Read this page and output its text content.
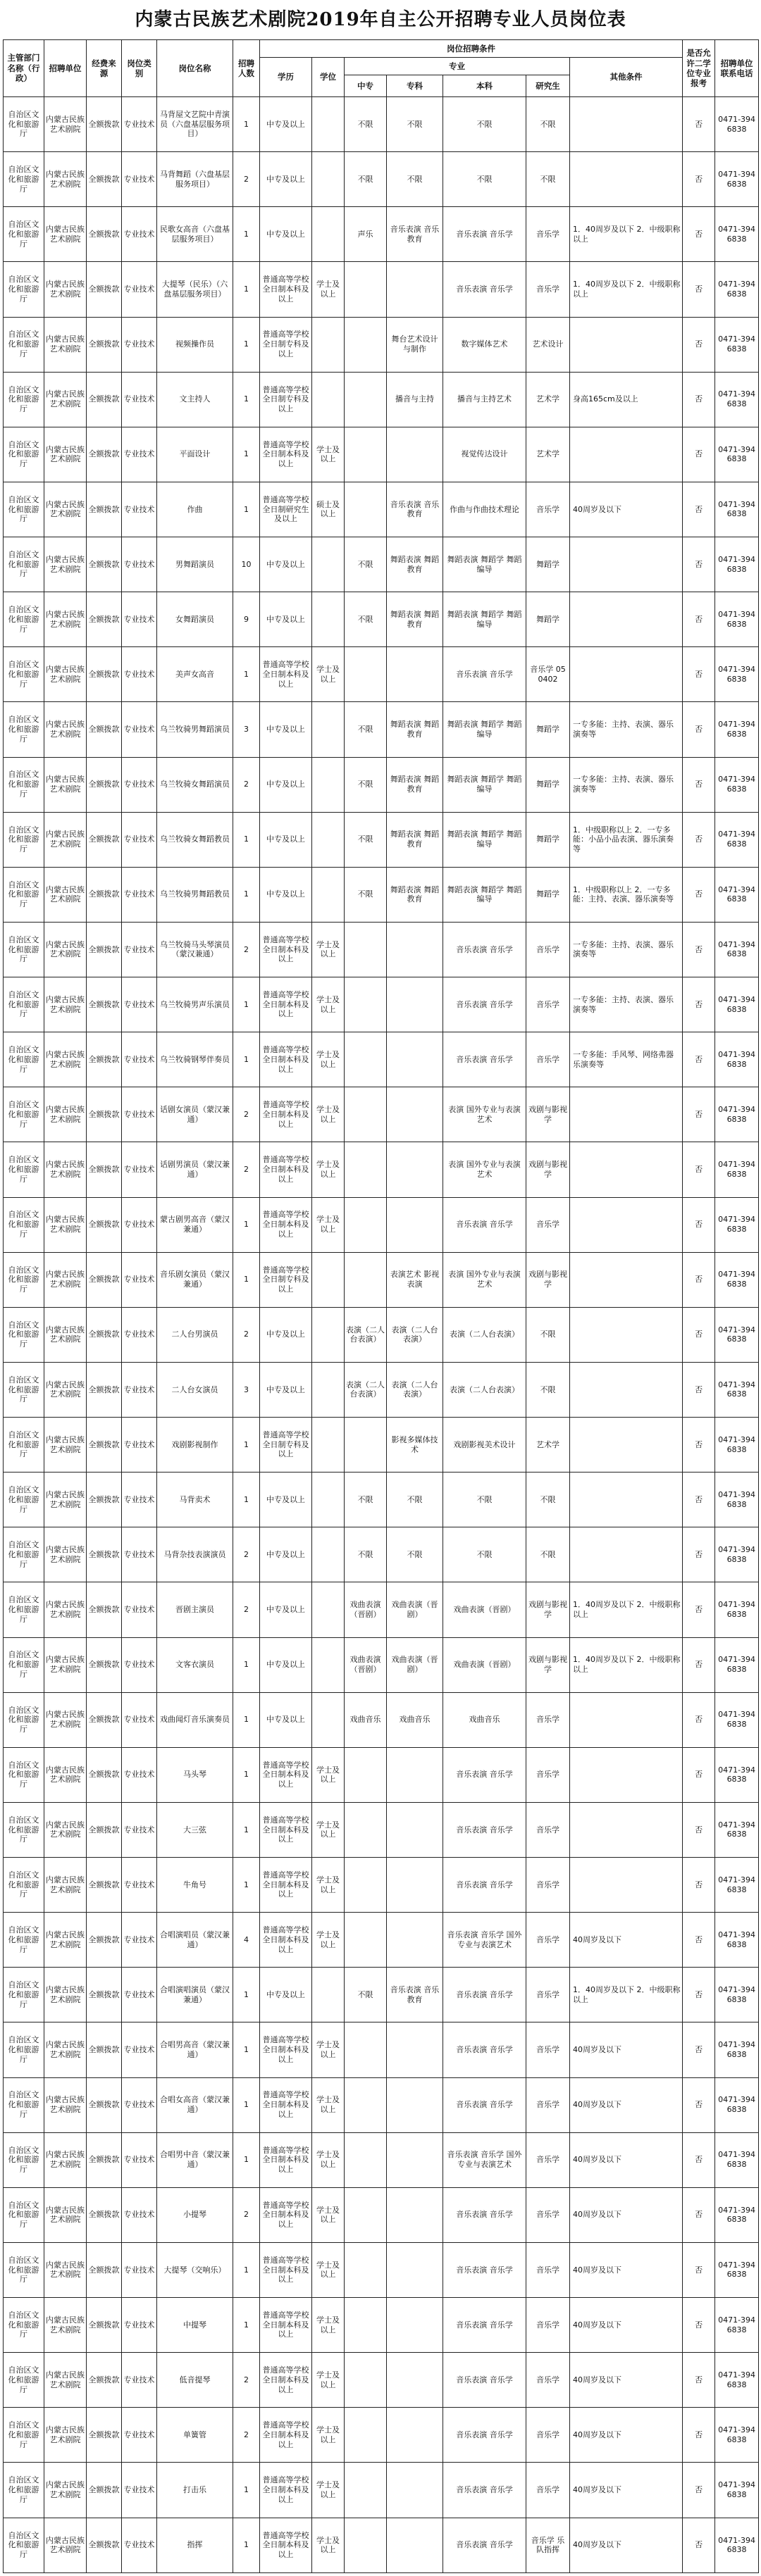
内蒙古民族艺术剧院2019年自主公开招聘专业人员岗位表
主管部门名称（行政）	招聘单位	经费来源	岗位类别	岗位名称	招聘人数	岗位招聘条件							是否允许二学位专业报考	招聘单位联系电话
						学历	学位	专业				其他条件		
								中专	专科	本科	研究生			
自治区文化和旅游厅	内蒙古民族艺术剧院	全额拨款	专业技术	马背屋文艺院中青演员（六盘基层服务项目）	1	中专及以上		不限	不限	不限	不限		否	0471-3946838
自治区文化和旅游厅	内蒙古民族艺术剧院	全额拨款	专业技术	马背舞蹈（六盘基层服务项目）	2	中专及以上		不限	不限	不限	不限		否	0471-3946838
自治区文化和旅游厅	内蒙古民族艺术剧院	全额拨款	专业技术	民歌女高音（六盘基层服务项目）	1	中专及以上		声乐	音乐表演 音乐教育	音乐表演 音乐学	音乐学	1．40周岁及以下 2．中级职称以上	否	0471-3946838
自治区文化和旅游厅	内蒙古民族艺术剧院	全额拨款	专业技术	大提琴（民乐）（六盘基层服务项目）	1	普通高等学校全日制本科及以上	学士及以上			音乐表演 音乐学	音乐学	1．40周岁及以下 2．中级职称以上	否	0471-3946838
自治区文化和旅游厅	内蒙古民族艺术剧院	全额拨款	专业技术	视频操作员	1	普通高等学校全日制专科及以上			舞台艺术设计与制作	数字媒体艺术	艺术设计		否	0471-3946838
自治区文化和旅游厅	内蒙古民族艺术剧院	全额拨款	专业技术	文主持人	1	普通高等学校全日制专科及以上			播音与主持	播音与主持艺术	艺术学	身高165cm及以上	否	0471-3946838
自治区文化和旅游厅	内蒙古民族艺术剧院	全额拨款	专业技术	平面设计	1	普通高等学校全日制本科及以上	学士及以上			视觉传达设计	艺术学		否	0471-3946838
自治区文化和旅游厅	内蒙古民族艺术剧院	全额拨款	专业技术	作曲	1	普通高等学校全日制研究生及以上	硕士及以上		音乐表演 音乐教育	作曲与作曲技术理论	音乐学	40周岁及以下	否	0471-3946838
自治区文化和旅游厅	内蒙古民族艺术剧院	全额拨款	专业技术	男舞蹈演员	10	中专及以上		不限	舞蹈表演 舞蹈教育	舞蹈表演 舞蹈学 舞蹈编导	舞蹈学		否	0471-3946838
自治区文化和旅游厅	内蒙古民族艺术剧院	全额拨款	专业技术	女舞蹈演员	9	中专及以上		不限	舞蹈表演 舞蹈教育	舞蹈表演 舞蹈学 舞蹈编导	舞蹈学		否	0471-3946838
自治区文化和旅游厅	内蒙古民族艺术剧院	全额拨款	专业技术	美声女高音	1	普通高等学校全日制本科及以上	学士及以上			音乐表演 音乐学	音乐学 050402		否	0471-3946838
自治区文化和旅游厅	内蒙古民族艺术剧院	全额拨款	专业技术	乌兰牧骑男舞蹈演员	3	中专及以上		不限	舞蹈表演 舞蹈教育	舞蹈表演 舞蹈学 舞蹈编导	舞蹈学	一专多能：主持、表演、器乐演奏等	否	0471-3946838
自治区文化和旅游厅	内蒙古民族艺术剧院	全额拨款	专业技术	乌兰牧骑女舞蹈演员	2	中专及以上		不限	舞蹈表演 舞蹈教育	舞蹈表演 舞蹈学 舞蹈编导	舞蹈学	一专多能：主持、表演、器乐演奏等	否	0471-3946838
自治区文化和旅游厅	内蒙古民族艺术剧院	全额拨款	专业技术	乌兰牧骑女舞蹈教员	1	中专及以上		不限	舞蹈表演 舞蹈教育	舞蹈表演 舞蹈学 舞蹈编导	舞蹈学	1．中级职称以上 2．一专多能：小品小品表演、器乐演奏等	否	0471-3946838
自治区文化和旅游厅	内蒙古民族艺术剧院	全额拨款	专业技术	乌兰牧骑男舞蹈教员	1	中专及以上		不限	舞蹈表演 舞蹈教育	舞蹈表演 舞蹈学 舞蹈编导	舞蹈学	1．中级职称以上 2．一专多能：主持、表演、器乐演奏等	否	0471-3946838
自治区文化和旅游厅	内蒙古民族艺术剧院	全额拨款	专业技术	乌兰牧骑马头琴演员（蒙汉兼通）	2	普通高等学校全日制本科及以上	学士及以上			音乐表演 音乐学	音乐学	一专多能：主持、表演、器乐演奏等	否	0471-3946838
自治区文化和旅游厅	内蒙古民族艺术剧院	全额拨款	专业技术	乌兰牧骑男声乐演员	1	普通高等学校全日制本科及以上	学士及以上			音乐表演 音乐学	音乐学	一专多能：主持、表演、器乐演奏等	否	0471-3946838
自治区文化和旅游厅	内蒙古民族艺术剧院	全额拨款	专业技术	乌兰牧骑钢琴伴奏员	1	普通高等学校全日制本科及以上	学士及以上			音乐表演 音乐学	音乐学	一专多能：手风琴、网络弗器乐演奏等	否	0471-3946838
自治区文化和旅游厅	内蒙古民族艺术剧院	全额拨款	专业技术	话剧女演员（蒙汉兼通）	2	普通高等学校全日制本科及以上	学士及以上			表演 国外专业与表演艺术	戏剧与影视学		否	0471-3946838
自治区文化和旅游厅	内蒙古民族艺术剧院	全额拨款	专业技术	话剧男演员（蒙汉兼通）	2	普通高等学校全日制本科及以上	学士及以上			表演 国外专业与表演艺术	戏剧与影视学		否	0471-3946838
自治区文化和旅游厅	内蒙古民族艺术剧院	全额拨款	专业技术	蒙古剧男高音（蒙汉兼通）	1	普通高等学校全日制本科及以上	学士及以上			音乐表演 音乐学	音乐学		否	0471-3946838
自治区文化和旅游厅	内蒙古民族艺术剧院	全额拨款	专业技术	音乐剧女演员（蒙汉兼通）	1	普通高等学校全日制专科及以上			表演艺术 影视表演	表演 国外专业与表演艺术	戏剧与影视学		否	0471-3946838
自治区文化和旅游厅	内蒙古民族艺术剧院	全额拨款	专业技术	二人台男演员	2	中专及以上		表演（二人台表演）	表演（二人台表演）	表演（二人台表演）	不限		否	0471-3946838
自治区文化和旅游厅	内蒙古民族艺术剧院	全额拨款	专业技术	二人台女演员	3	中专及以上		表演（二人台表演）	表演（二人台表演）	表演（二人台表演）	不限		否	0471-3946838
自治区文化和旅游厅	内蒙古民族艺术剧院	全额拨款	专业技术	戏剧影视制作	1	普通高等学校全日制专科及以上			影视多媒体技术	戏剧影视美术设计	艺术学		否	0471-3946838
自治区文化和旅游厅	内蒙古民族艺术剧院	全额拨款	专业技术	马背卖术	1	中专及以上		不限	不限	不限	不限		否	0471-3946838
自治区文化和旅游厅	内蒙古民族艺术剧院	全额拨款	专业技术	马背杂技表演演员	2	中专及以上		不限	不限	不限	不限		否	0471-3946838
自治区文化和旅游厅	内蒙古民族艺术剧院	全额拨款	专业技术	晋剧主演员	2	中专及以上		戏曲表演（晋剧）	戏曲表演（晋剧）	戏曲表演（晋剧）	戏剧与影视学	1．40周岁及以下 2．中级职称以上	否	0471-3946838
自治区文化和旅游厅	内蒙古民族艺术剧院	全额拨款	专业技术	文客衣演员	1	中专及以上		戏曲表演（晋剧）	戏曲表演（晋剧）	戏曲表演（晋剧）	戏剧与影视学	1．40周岁及以下 2．中级职称以上	否	0471-3946838
自治区文化和旅游厅	内蒙古民族艺术剧院	全额拨款	专业技术	戏曲闻灯音乐演奏员	1	中专及以上		戏曲音乐	戏曲音乐	戏曲音乐	音乐学		否	0471-3946838
自治区文化和旅游厅	内蒙古民族艺术剧院	全额拨款	专业技术	马头琴	1	普通高等学校全日制本科及以上	学士及以上			音乐表演 音乐学	音乐学		否	0471-3946838
自治区文化和旅游厅	内蒙古民族艺术剧院	全额拨款	专业技术	大三弦	1	普通高等学校全日制本科及以上	学士及以上			音乐表演 音乐学	音乐学		否	0471-3946838
自治区文化和旅游厅	内蒙古民族艺术剧院	全额拨款	专业技术	牛角号	1	普通高等学校全日制本科及以上	学士及以上			音乐表演 音乐学	音乐学		否	0471-3946838
自治区文化和旅游厅	内蒙古民族艺术剧院	全额拨款	专业技术	合唱演唱员（蒙汉兼通）	4	普通高等学校全日制本科及以上	学士及以上			音乐表演 音乐学 国外专业与表演艺术	音乐学	40周岁及以下	否	0471-3946838
自治区文化和旅游厅	内蒙古民族艺术剧院	全额拨款	专业技术	合唱演唱演员（蒙汉兼通）	1	中专及以上		不限	音乐表演 音乐教育	音乐表演 音乐学	音乐学	1．40周岁及以下 2．中级职称以上	否	0471-3946838
自治区文化和旅游厅	内蒙古民族艺术剧院	全额拨款	专业技术	合唱男高音（蒙汉兼通）	1	普通高等学校全日制本科及以上	学士及以上			音乐表演 音乐学	音乐学	40周岁及以下	否	0471-3946838
自治区文化和旅游厅	内蒙古民族艺术剧院	全额拨款	专业技术	合唱女高音（蒙汉兼通）	1	普通高等学校全日制本科及以上	学士及以上			音乐表演 音乐学	音乐学	40周岁及以下	否	0471-3946838
自治区文化和旅游厅	内蒙古民族艺术剧院	全额拨款	专业技术	合唱男中音（蒙汉兼通）	1	普通高等学校全日制本科及以上	学士及以上			音乐表演 音乐学 国外专业与表演艺术	音乐学	40周岁及以下	否	0471-3946838
自治区文化和旅游厅	内蒙古民族艺术剧院	全额拨款	专业技术	小提琴	2	普通高等学校全日制本科及以上	学士及以上			音乐表演 音乐学	音乐学	40周岁及以下	否	0471-3946838
自治区文化和旅游厅	内蒙古民族艺术剧院	全额拨款	专业技术	大提琴（交响乐）	1	普通高等学校全日制本科及以上	学士及以上			音乐表演 音乐学	音乐学	40周岁及以下	否	0471-3946838
自治区文化和旅游厅	内蒙古民族艺术剧院	全额拨款	专业技术	中提琴	1	普通高等学校全日制本科及以上	学士及以上			音乐表演 音乐学	音乐学	40周岁及以下	否	0471-3946838
自治区文化和旅游厅	内蒙古民族艺术剧院	全额拨款	专业技术	低音提琴	2	普通高等学校全日制本科及以上	学士及以上			音乐表演 音乐学	音乐学	40周岁及以下	否	0471-3946838
自治区文化和旅游厅	内蒙古民族艺术剧院	全额拨款	专业技术	单簧管	2	普通高等学校全日制本科及以上	学士及以上			音乐表演 音乐学	音乐学	40周岁及以下	否	0471-3946838
自治区文化和旅游厅	内蒙古民族艺术剧院	全额拨款	专业技术	打击乐	1	普通高等学校全日制本科及以上	学士及以上			音乐表演 音乐学	音乐学	40周岁及以下	否	0471-3946838
自治区文化和旅游厅	内蒙古民族艺术剧院	全额拨款	专业技术	指挥	1	普通高等学校全日制本科及以上	学士及以上			音乐表演 音乐学	音乐学 乐队指挥	40周岁及以下	否	0471-3946838
